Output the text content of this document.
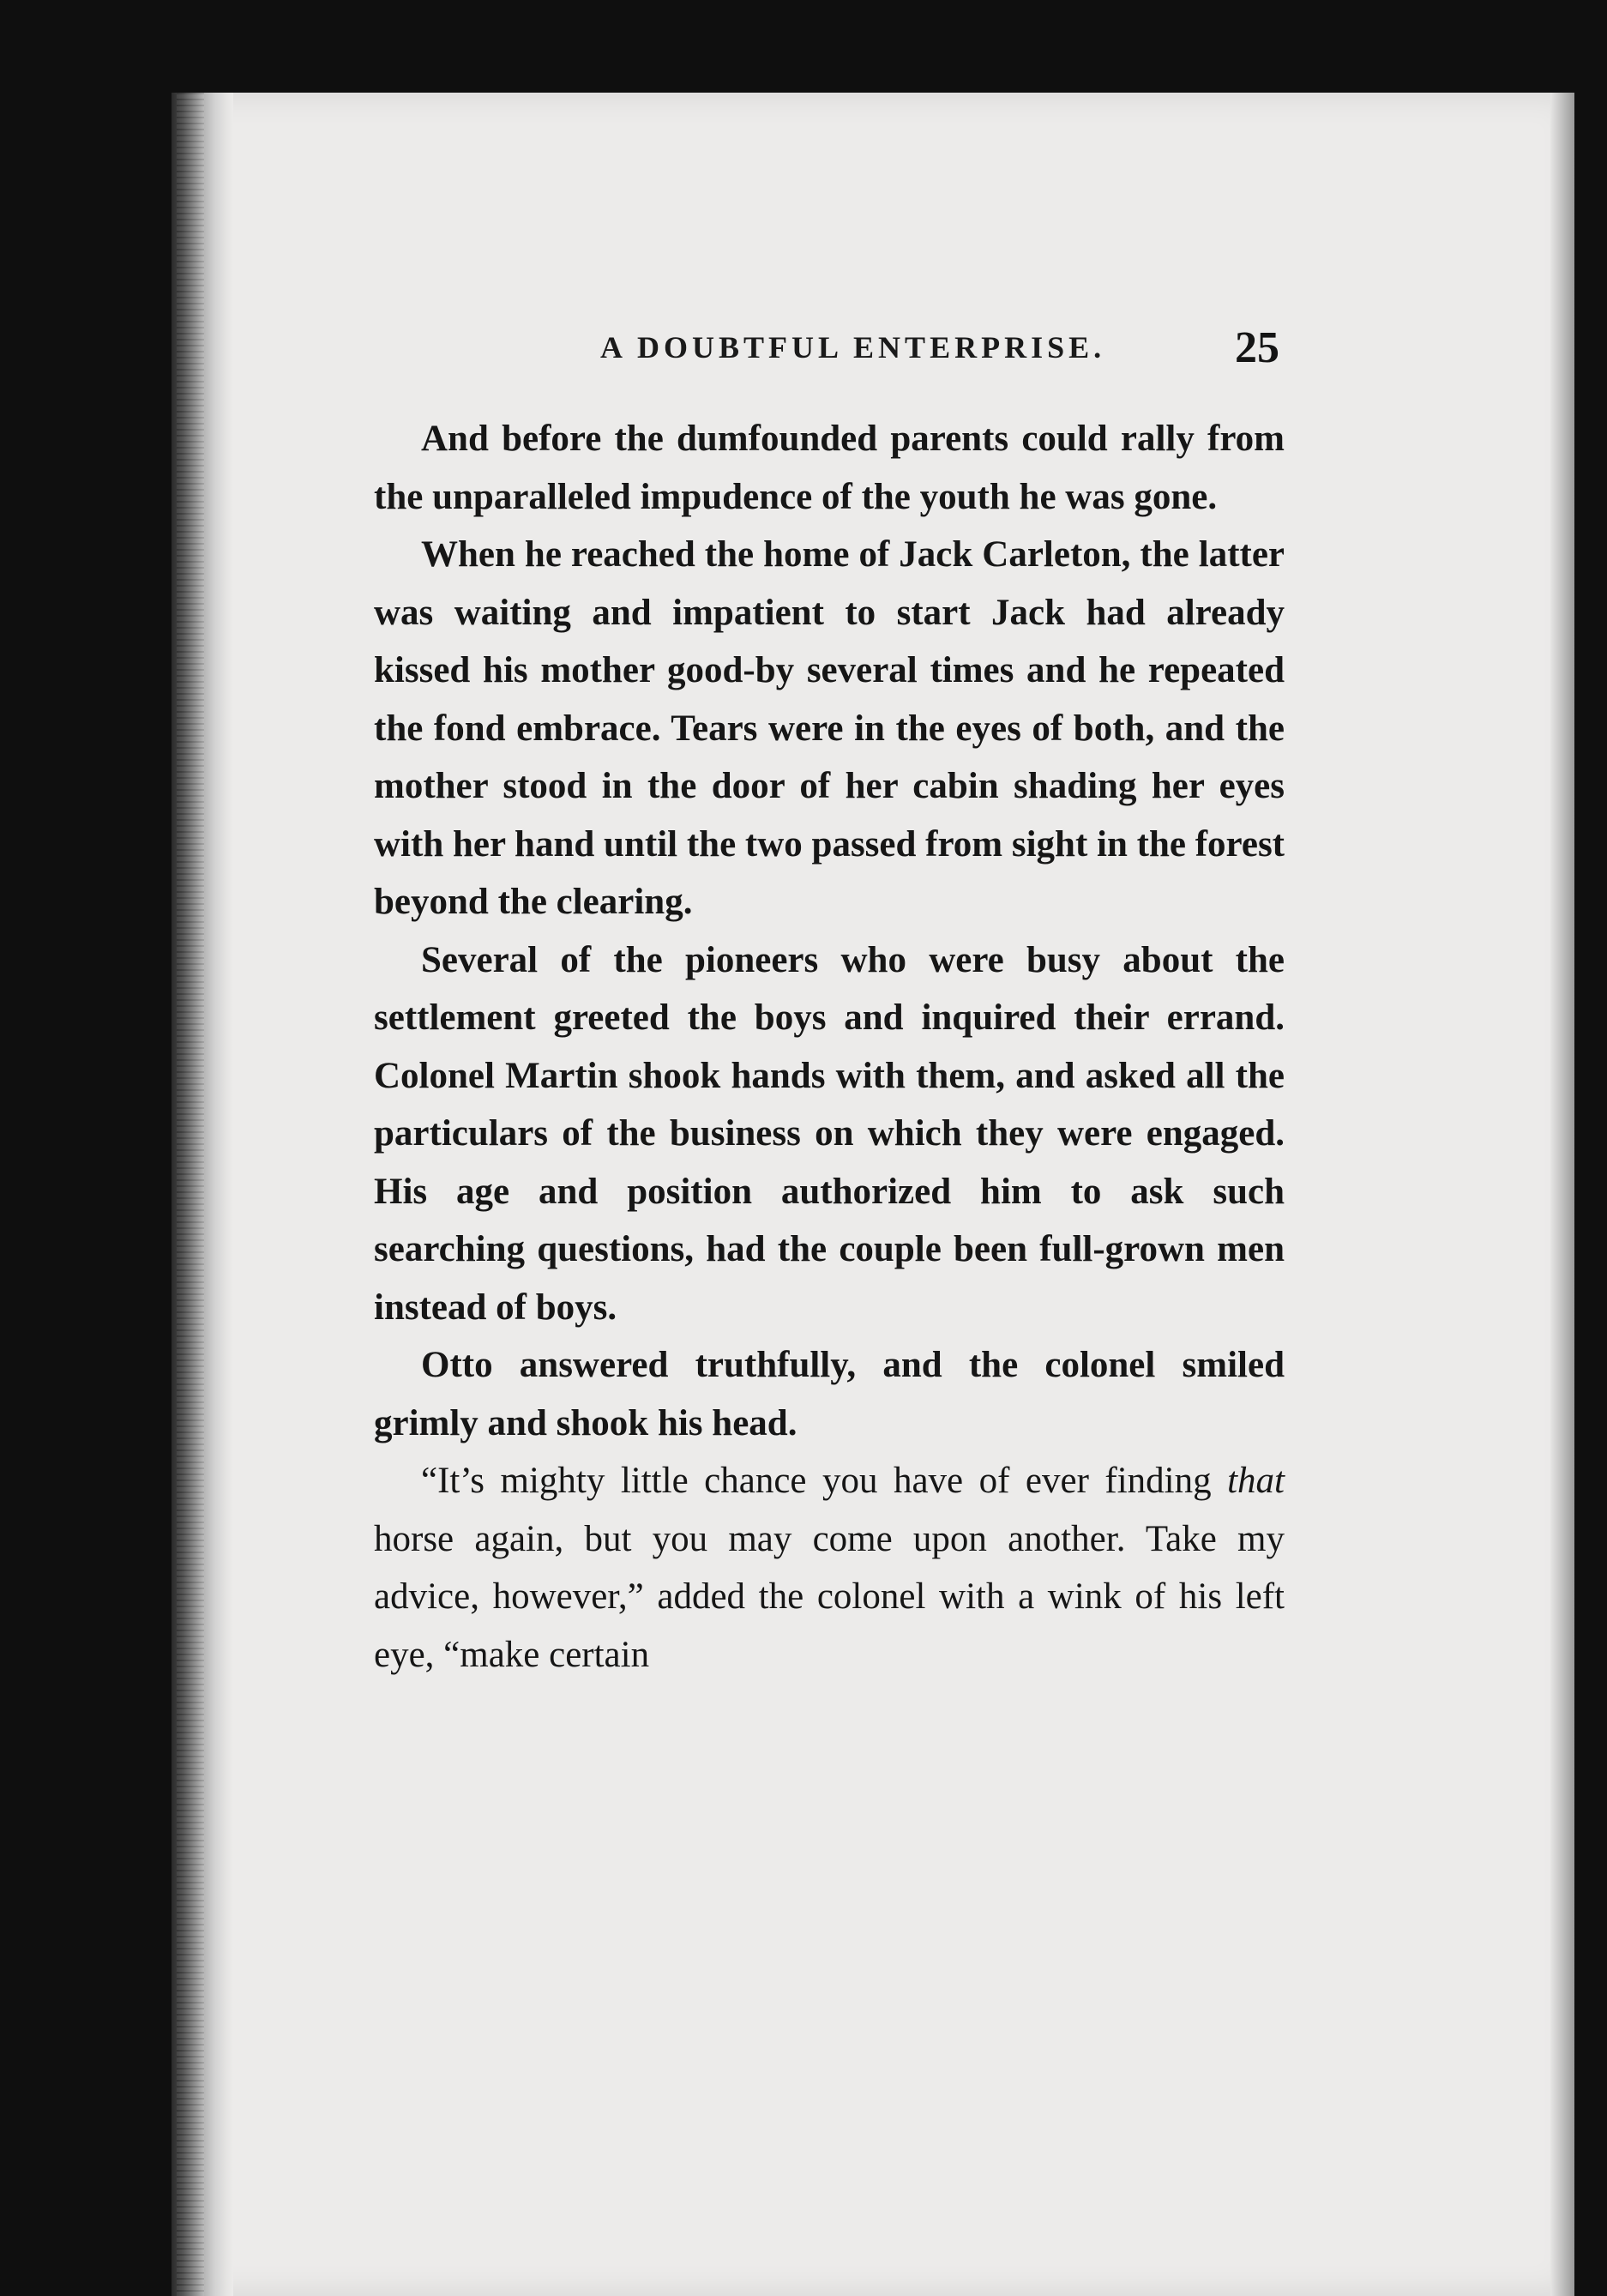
A DOUBTFUL ENTERPRISE.	25

And before the dumfounded parents could rally from the unparalleled impudence of the youth he was gone.

When he reached the home of Jack Carleton, the latter was waiting and impatient to start Jack had already kissed his mother good-by several times and he repeated the fond embrace. Tears were in the eyes of both, and the mother stood in the door of her cabin shading her eyes with her hand until the two passed from sight in the forest beyond the clearing.

Several of the pioneers who were busy about the settlement greeted the boys and inquired their errand. Colonel Martin shook hands with them, and asked all the particulars of the business on which they were engaged. His age and position authorized him to ask such searching questions, had the couple been full-grown men instead of boys.

Otto answered truthfully, and the colonel smiled grimly and shook his head.

“It’s mighty little chance you have of ever finding that horse again, but you may come upon another. Take my advice, however,” added the colonel with a wink of his left eye, “make certain
